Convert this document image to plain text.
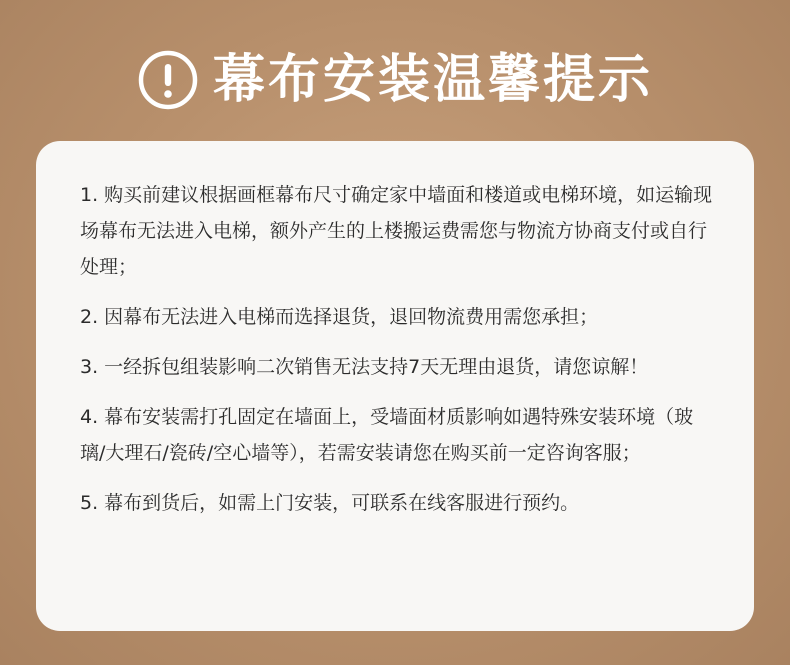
幕布安装温馨提示

1. 购买前建议根据画框幕布尺寸确定家中墙面和楼道或电梯环境，如运输现场幕布无法进入电梯，额外产生的上楼搬运费需您与物流方协商支付或自行处理；

2. 因幕布无法进入电梯而选择退货，退回物流费用需您承担；

3. 一经拆包组装影响二次销售无法支持7天无理由退货，请您谅解！

4. 幕布安装需打孔固定在墙面上，受墙面材质影响如遇特殊安装环境（玻璃/大理石/瓷砖/空心墙等），若需安装请您在购买前一定咨询客服；

5. 幕布到货后，如需上门安装，可联系在线客服进行预约。
